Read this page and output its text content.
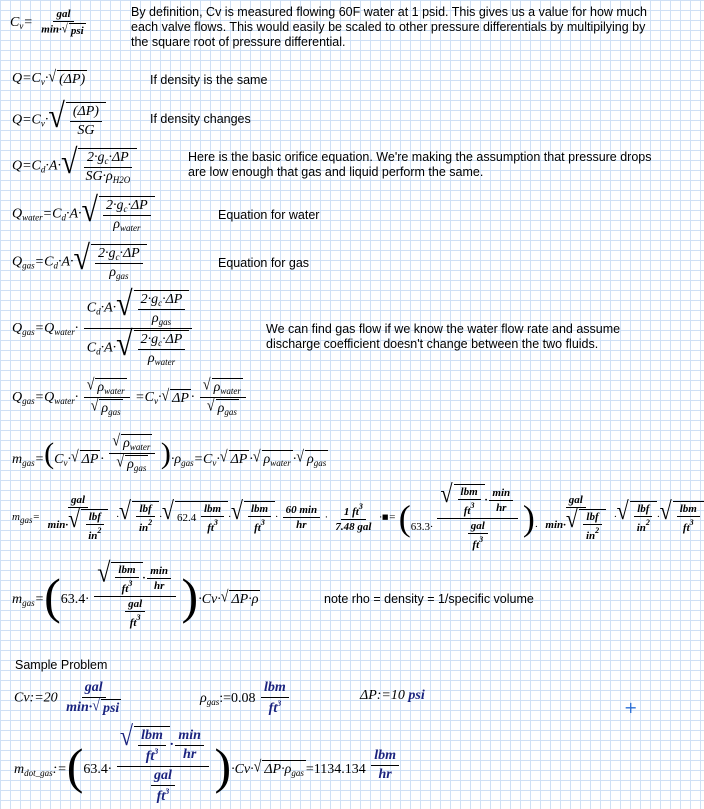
$C_v= \frac{\text{gal}}{\text{min· √ psi}}$	By definition, Cv is measured flowing 60F water at 1 psid. This gives us a value for how much each valve flows. This would easily be scaled to other pressure differentials by multipilying by the square root of pressure differential.
$Q=C_v\cdot$ √ (ΔP)	If density is the same
$Q=C_v\cdot$ √ $\frac{(\Delta P)}{SG}$	If density changes
$Q=C_d\cdot A\cdot$ √ $\frac{2\cdot g_c\cdot\Delta P}{SG\cdot\rho_{H2O}}$	Here is the basic orifice equation. We're making the assumption that pressure drops are low enough that gas and liquid perform the same.
$Q_{water}=C_d\cdot A\cdot$ √ $\frac{2\cdot g_c\cdot\Delta P}{\rho_{water}}$	Equation for water
$Q_{gas}=C_d\cdot A\cdot$ √ $\frac{2\cdot g_c\cdot\Delta P}{\rho_{gas}}$	Equation for gas
$Q_{gas}=Q_{water}\cdot \frac{C_d\cdot A\cdot √ \frac{2\cdot g_c\cdot\Delta P}{\rho_{gas}}}{C_d\cdot A\cdot √ \frac{2\cdot g_c\cdot\Delta P}{\rho_{water}}}$	We can find gas flow if we know the water flow rate and assume discharge coefficient doesn't change between the two fluids.
$Q_{gas}=Q_{water}\cdot \frac{√ \rho_{water}}{√ \rho_{gas}} =C_v\cdot$ √ $\Delta P \cdot \frac{√ \rho_{water}}{√ \rho_{gas}}$
$m_{gas}=(C_v\cdot$ √ $\Delta P \cdot \frac{√ \rho_{water}}{√ \rho_{gas}} )\cdot\rho_{gas}=C_v\cdot$ √ ΔP · √ $\rho_{water}$ · √ $\rho_{gas}$
$m_{gas}= \frac{\text{gal}}{\min\cdot √ \frac{\text{lbf}}{in^2}}$ · √ $\frac{\text{lbf}}{in^2}$ · √ $62.4 \frac{\text{lbm}}{ft^3}$ · √ $\frac{\text{lbm}}{ft^3} \cdot \frac{60 \min}{hr} \cdot \frac{1 ft^3}{\text{7.48 gal}}$ ·■= ($63.3\cdot \frac{√ \frac{\text{lbm}}{ft^3} \cdot \frac{\min}{hr}}{\frac{\text{gal}}{ft^3}}$ )· $\frac{\text{gal}}{\min\cdot √ \frac{\text{lbf}}{in^2}}$ · √ $\frac{\text{lbf}}{in^2}$ · √ $\frac{\text{lbm}}{ft^3}$
$m_{gas}=(63.4\cdot \frac{√ \frac{\text{lbm}}{ft^3} \cdot \frac{\min}{hr}}{\frac{\text{gal}}{ft^3}} )\cdot Cv\cdot$ √ ΔP·ρ	note rho = density = 1/specific volume
Sample Problem
Cv:=20 $\frac{\text{gal}}{\text{min· √ psi}}$	$\rho_{gas}:=0.08 \frac{\text{lbm}}{ft^3}$	ΔP:=10 psi
+
$m_{dot\_gas}:=(63.4\cdot \frac{√ \frac{\text{lbm}}{ft^3} \cdot \frac{\min}{hr}}{\frac{\text{gal}}{ft^3}} )\cdot Cv\cdot$ √ $\Delta P\cdot\rho_{gas} =1134.134 \frac{\text{lbm}}{hr}$
